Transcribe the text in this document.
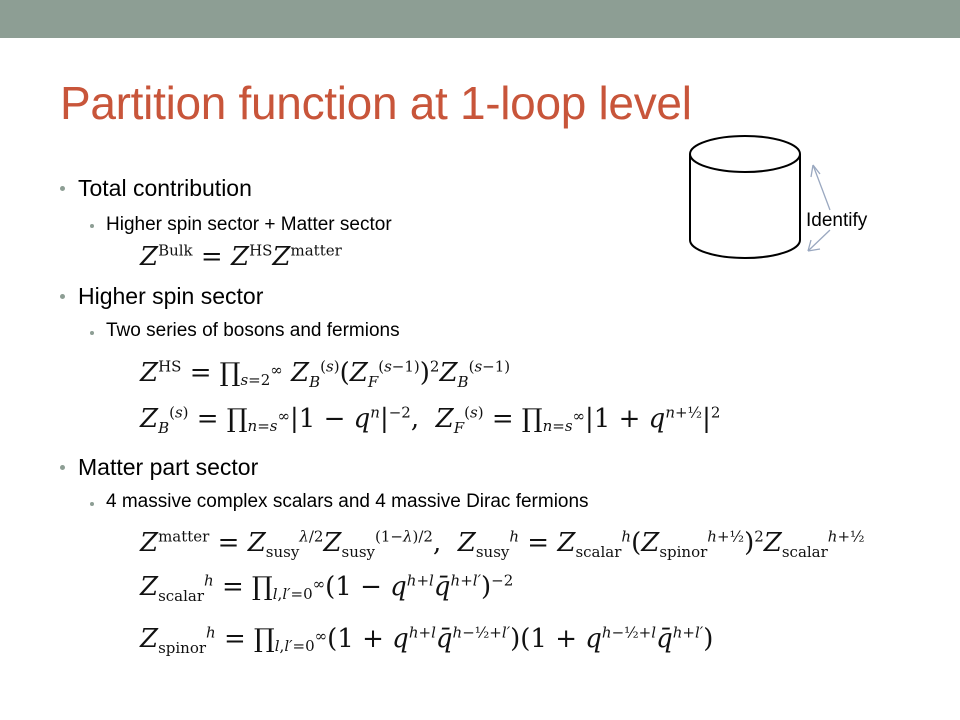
Partition function at 1-loop level
Total contribution
Higher spin sector + Matter sector
$Z^{Bulk} = Z^{HS}Z^{matter}$
Higher spin sector
Two series of bosons and fermions
$Z^{HS}$ = $\prod_{s=2}^\infty$ $Z_B^{(s)}(Z_F^{(s-1)})^2Z_B^{(s-1)}$
$Z_B^{(s)}$ = $\prod_{n=s}^\infty|1 - q^n|^{-2}$,  $Z_F^{(s)}$ = $\prod_{n=s}^\infty|1 + q^{n+\frac{1}{2}}|^2$
Matter part sector
4 massive complex scalars and 4 massive Dirac fermions
$Z^{matter} = Z_{susy}^{\lambda/2}Z_{susy}^{(1-\lambda)/2}$,  $Z_{susy}^h = Z_{scalar}^h(Z_{spinor}^{h+\frac{1}{2}})^2Z_{scalar}^{h+\frac{1}{2}}$
$Z_{scalar}^h$ = $\prod_{l,l'=0}^\infty(1$ − $q^{h+l}q̄^{h+l'})^{-2}$
$Z_{spinor}^h$ = $\prod_{l,l'=0}^\infty(1$ + $q^{h+l}q̄^{h-\frac{1}{2}+l'})(1$ + $q^{h-\frac{1}{2}+l}q̄^{h+l'}$)
Identify
